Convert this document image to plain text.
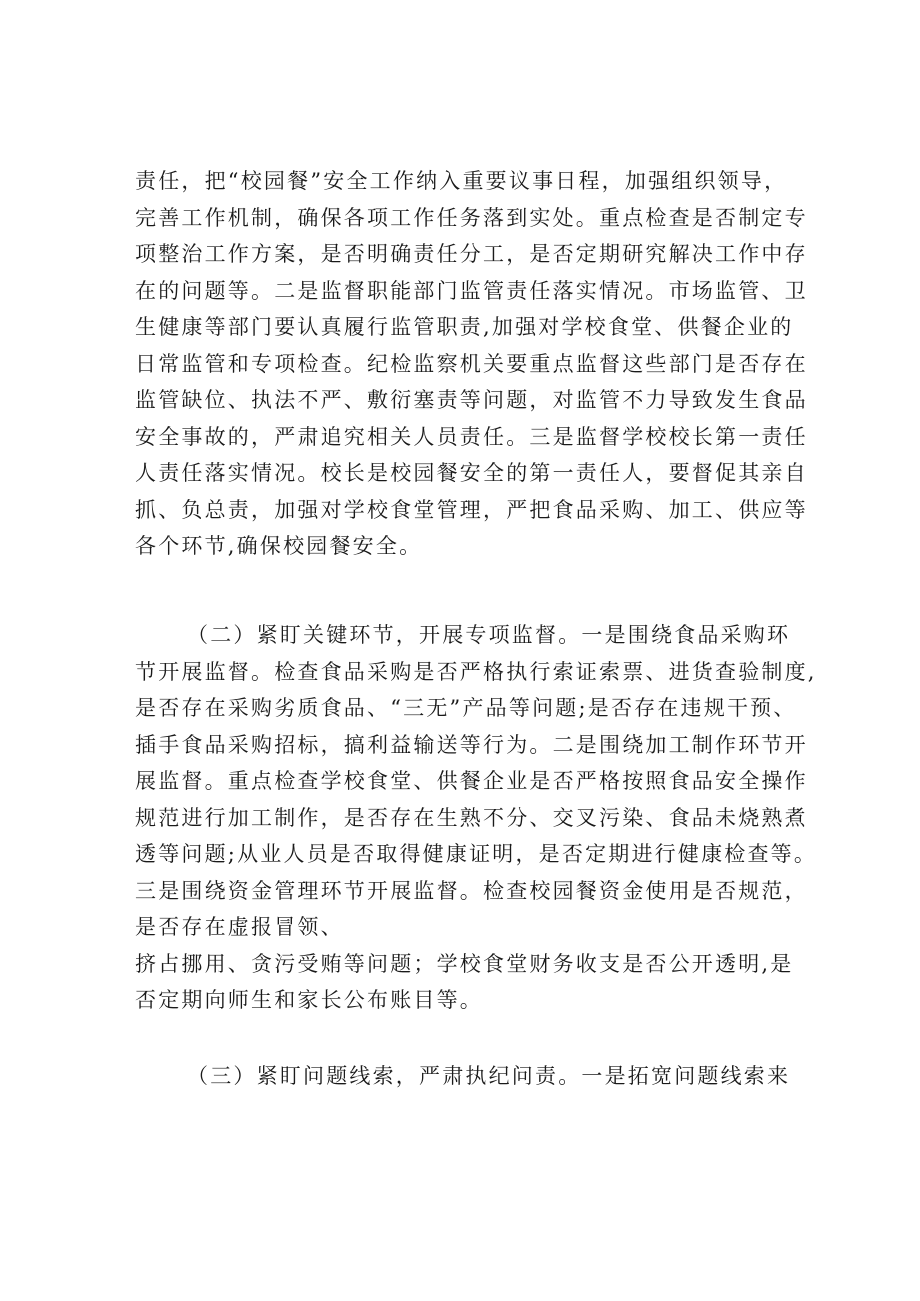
责任，把“校园餐”安全工作纳入重要议事日程，加强组织领导，
完善工作机制，确保各项工作任务落到实处。重点检查是否制定专
项整治工作方案，是否明确责任分工，是否定期研究解决工作中存
在的问题等。二是监督职能部门监管责任落实情况。市场监管、卫
生健康等部门要认真履行监管职责,加强对学校食堂、供餐企业的
日常监管和专项检查。纪检监察机关要重点监督这些部门是否存在
监管缺位、执法不严、敷衍塞责等问题，对监管不力导致发生食品
安全事故的，严肃追究相关人员责任。三是监督学校校长第一责任
人责任落实情况。校长是校园餐安全的第一责任人，要督促其亲自
抓、负总责，加强对学校食堂管理，严把食品采购、加工、供应等
各个环节,确保校园餐安全。
（二）紧盯关键环节，开展专项监督。一是围绕食品采购环
节开展监督。检查食品采购是否严格执行索证索票、进货查验制度,
是否存在采购劣质食品、“三无”产品等问题;是否存在违规干预、
插手食品采购招标，搞利益输送等行为。二是围绕加工制作环节开
展监督。重点检查学校食堂、供餐企业是否严格按照食品安全操作
规范进行加工制作，是否存在生熟不分、交叉污染、食品未烧熟煮
透等问题;从业人员是否取得健康证明，是否定期进行健康检查等。
三是围绕资金管理环节开展监督。检查校园餐资金使用是否规范，
是否存在虚报冒领、
挤占挪用、贪污受贿等问题；学校食堂财务收支是否公开透明,是
否定期向师生和家长公布账目等。
（三）紧盯问题线索，严肃执纪问责。一是拓宽问题线索来
